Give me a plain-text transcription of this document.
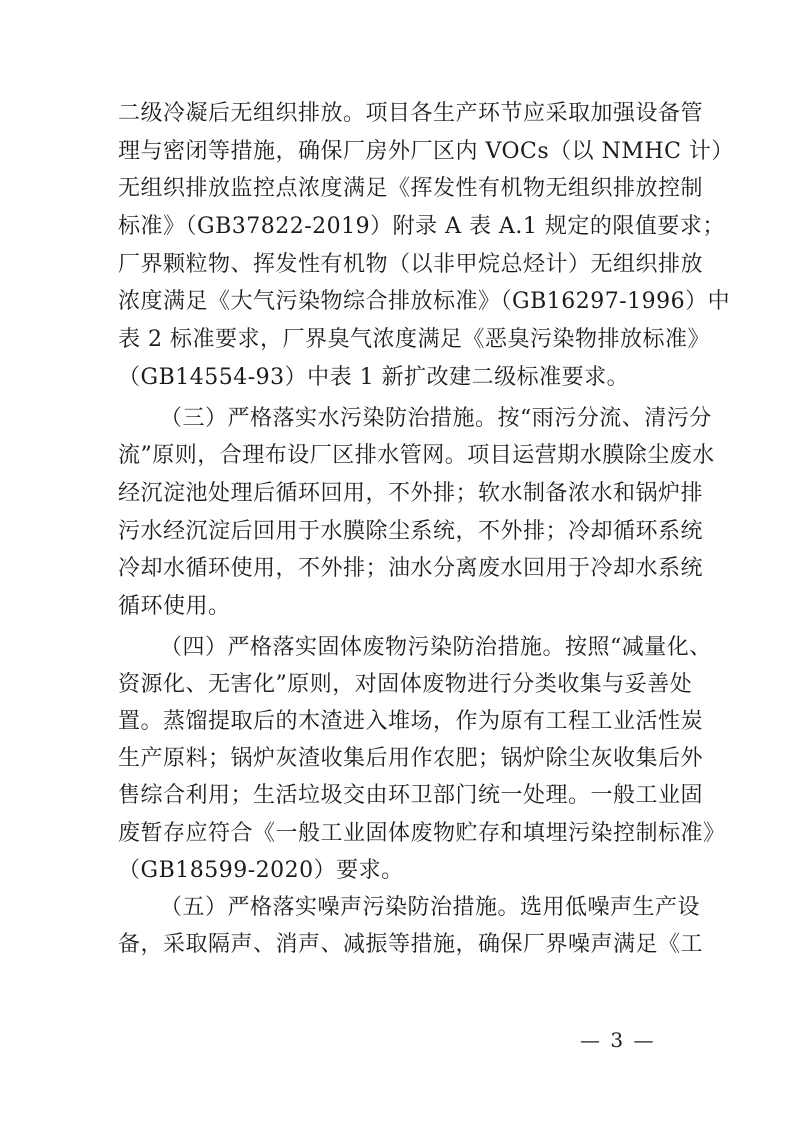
二级冷凝后无组织排放。项目各生产环节应采取加强设备管
理与密闭等措施，确保厂房外厂区内 VOCs（以 NMHC 计）
无组织排放监控点浓度满足《挥发性有机物无组织排放控制
标准》（GB37822-2019）附录 A 表 A.1 规定的限值要求；
厂界颗粒物、挥发性有机物（以非甲烷总烃计）无组织排放
浓度满足《大气污染物综合排放标准》（GB16297-1996）中
表 2 标准要求，厂界臭气浓度满足《恶臭污染物排放标准》
（GB14554-93）中表 1 新扩改建二级标准要求。
（三）严格落实水污染防治措施。按“雨污分流、清污分
流”原则，合理布设厂区排水管网。项目运营期水膜除尘废水
经沉淀池处理后循环回用，不外排；软水制备浓水和锅炉排
污水经沉淀后回用于水膜除尘系统，不外排；冷却循环系统
冷却水循环使用，不外排；油水分离废水回用于冷却水系统
循环使用。
（四）严格落实固体废物污染防治措施。按照“减量化、
资源化、无害化”原则，对固体废物进行分类收集与妥善处
置。蒸馏提取后的木渣进入堆场，作为原有工程工业活性炭
生产原料；锅炉灰渣收集后用作农肥；锅炉除尘灰收集后外
售综合利用；生活垃圾交由环卫部门统一处理。一般工业固
废暂存应符合《一般工业固体废物贮存和填埋污染控制标准》
（GB18599-2020）要求。
（五）严格落实噪声污染防治措施。选用低噪声生产设
备，采取隔声、消声、减振等措施，确保厂界噪声满足《工
— 3 —
